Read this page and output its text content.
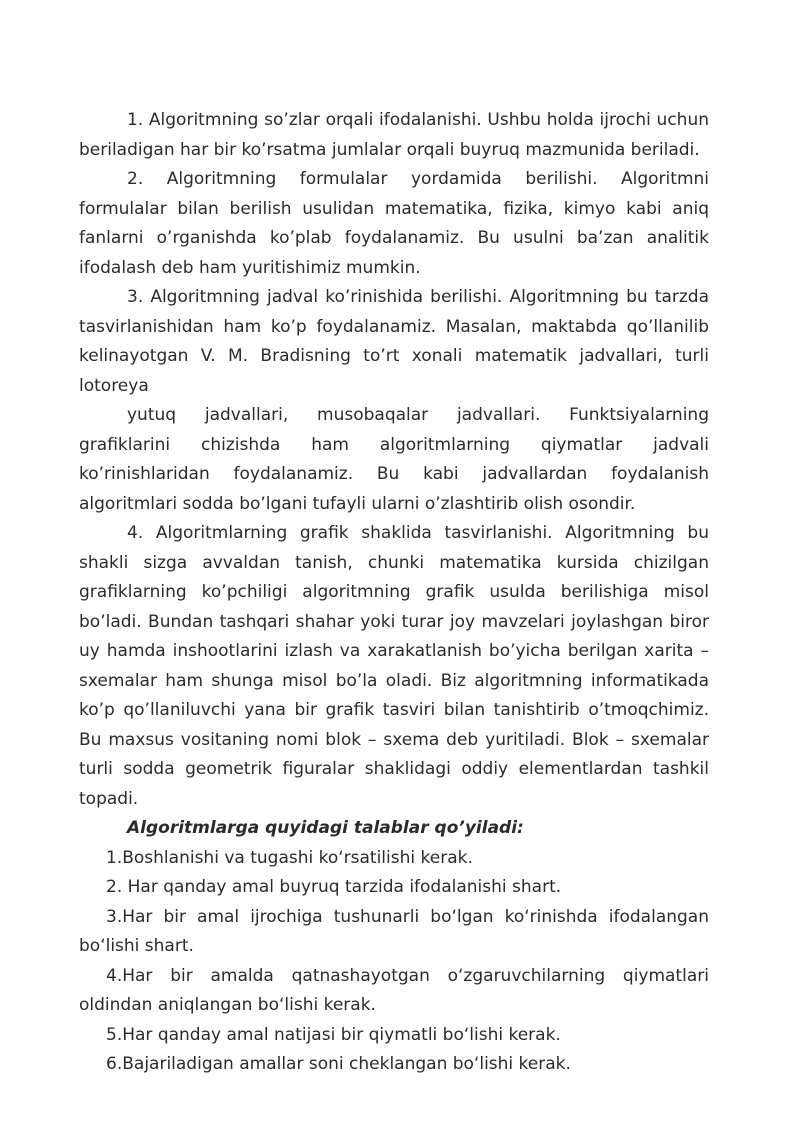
1. Algoritmning so’zlar orqali ifodalanishi. Ushbu holda ijrochi uchun beriladigan har bir ko’rsatma jumlalar orqali buyruq mazmunida beriladi.

2. Algoritmning formulalar yordamida berilishi. Algoritmni formulalar bilan berilish usulidan matematika, fizika, kimyo kabi aniq fanlarni o’rganishda ko’plab foydalanamiz. Bu usulni ba’zan analitik ifodalash deb ham yuritishimiz mumkin.

3. Algoritmning jadval ko’rinishida berilishi. Algoritmning bu tarzda tasvirlanishidan ham ko’p foydalanamiz. Masalan, maktabda qo’llanilib kelinayotgan V. M. Bradisning to’rt xonali matematik jadvallari, turli lotoreya

yutuq jadvallari, musobaqalar jadvallari. Funktsiyalarning grafiklarini chizishda ham algoritmlarning qiymatlar jadvali ko’rinishlaridan foydalanamiz. Bu kabi jadvallardan foydalanish algoritmlari sodda bo’lgani tufayli ularni o’zlashtirib olish osondir.

4. Algoritmlarning grafik shaklida tasvirlanishi. Algoritmning bu shakli sizga avvaldan tanish, chunki matematika kursida chizilgan grafiklarning ko’pchiligi algoritmning grafik usulda berilishiga misol bo’ladi. Bundan tashqari shahar yoki turar joy mavzelari joylashgan biror uy hamda inshootlarini izlash va xarakatlanish bo’yicha berilgan xarita – sxemalar ham shunga misol bo’la oladi. Biz algoritmning informatikada ko’p qo’llaniluvchi yana bir grafik tasviri bilan tanishtirib o’tmoqchimiz. Bu maxsus vositaning nomi blok – sxema deb yuritiladi. Blok – sxemalar turli sodda geometrik figuralar shaklidagi oddiy elementlardan tashkil topadi.

Algoritmlarga quyidagi talablar qo’yiladi:

1.Boshlanishi va tugashi ko‘rsatilishi kerak.

2. Har qanday amal buyruq tarzida ifodalanishi shart.

3.Har bir amal ijrochiga tushunarli bo‘lgan ko‘rinishda ifodalangan bo‘lishi shart.

4.Har bir amalda qatnashayotgan o‘zgaruvchilarning qiymatlari oldindan aniqlangan bo‘lishi kerak.

5.Har qanday amal natijasi bir qiymatli bo‘lishi kerak.

6.Bajariladigan amallar soni cheklangan bo‘lishi kerak.
